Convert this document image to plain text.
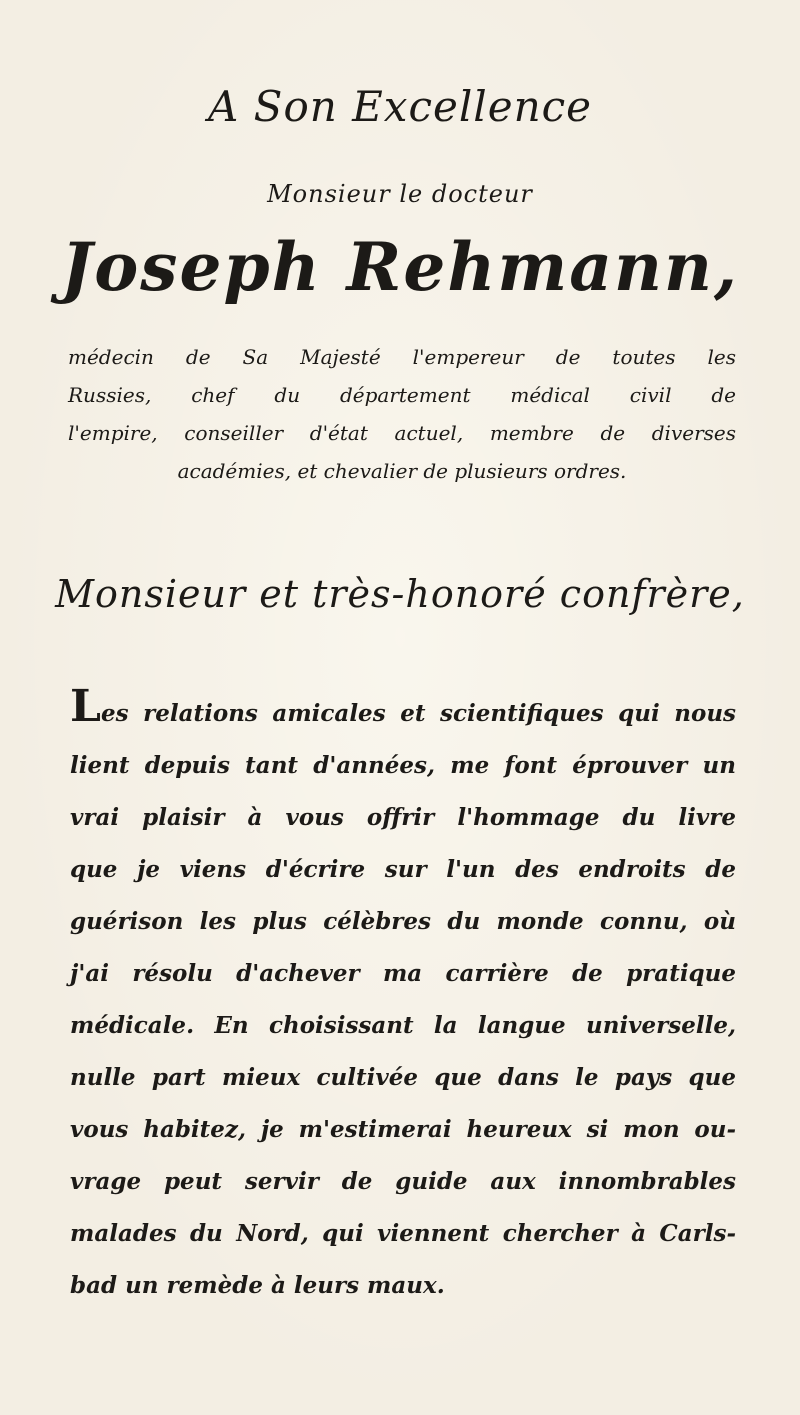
A Son Excellence
Monsieur le docteur
Joseph Rehmann,
médecin de Sa Majesté l'empereur de toutes les
Russies, chef du département médical civil de
l'empire, conseiller d'état actuel, membre de diverses
académies, et chevalier de plusieurs ordres.
Monsieur et très-honoré confrère,
Les relations amicales et scientifiques qui nous
lient depuis tant d'années, me font éprouver un
vrai plaisir à vous offrir l'hommage du livre
que je viens d'écrire sur l'un des endroits de
guérison les plus célèbres du monde connu, où
j'ai résolu d'achever ma carrière de pratique
médicale. En choisissant la langue universelle,
nulle part mieux cultivée que dans le pays que
vous habitez, je m'estimerai heureux si mon ou-
vrage peut servir de guide aux innombrables
malades du Nord, qui viennent chercher à Carls-
bad un remède à leurs maux.
